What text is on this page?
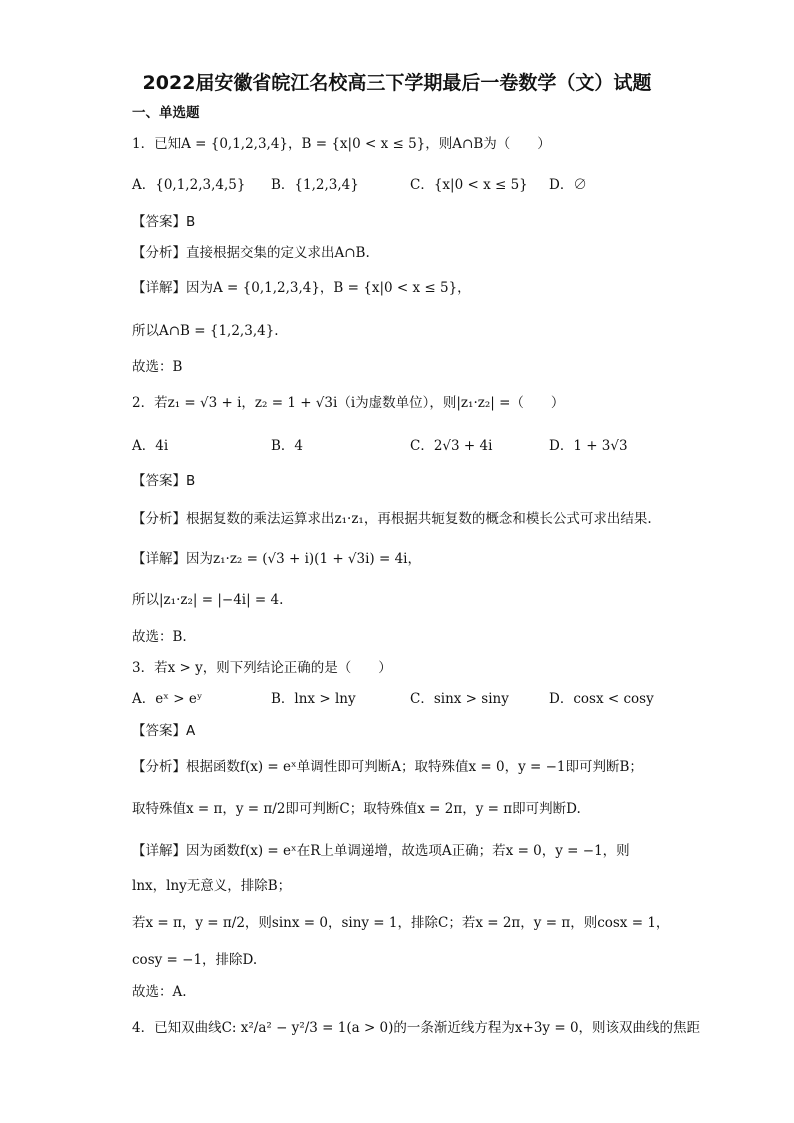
2022届安徽省皖江名校高三下学期最后一卷数学（文）试题
一、单选题
1．已知A = {0,1,2,3,4}，B = {x|0 < x ≤ 5}，则A∩B为（　　）
A．{0,1,2,3,4,5} B．{1,2,3,4}	C．{x|0 < x ≤ 5} D．∅
【答案】B
【分析】直接根据交集的定义求出A∩B.
【详解】因为A = {0,1,2,3,4}，B = {x|0 < x ≤ 5}，
所以A∩B = {1,2,3,4}.
故选：B
2．若z₁ = √3 + i，z₂ = 1 + √3i（i为虚数单位），则|z₁·z₂| =（　　）
A．4i	B．4	C．2√3 + 4i	D．1 + 3√3
【答案】B
【分析】根据复数的乘法运算求出z₁·z₁，再根据共轭复数的概念和模长公式可求出结果.
【详解】因为z₁·z₂ = (√3 + i)(1 + √3i) = 4i，
所以|z₁·z₂| = |−4i| = 4.
故选：B.
3．若x > y，则下列结论正确的是（　　）
A．eˣ > eʸ	B．lnx > lny	C．sinx > siny	D．cosx < cosy
【答案】A
【分析】根据函数f(x) = eˣ单调性即可判断A；取特殊值x = 0，y = −1即可判断B；
取特殊值x = π，y = π/2即可判断C；取特殊值x = 2π，y = π即可判断D.
【详解】因为函数f(x) = eˣ在R上单调递增，故选项A正确；若x = 0，y = −1，则
lnx，lny无意义，排除B；
若x = π，y = π/2，则sinx = 0，siny = 1，排除C；若x = 2π，y = π，则cosx = 1，
cosy = −1，排除D.
故选：A.
4．已知双曲线C: x²/a² − y²/3 = 1(a > 0)的一条渐近线方程为x+3y = 0，则该双曲线的焦距
